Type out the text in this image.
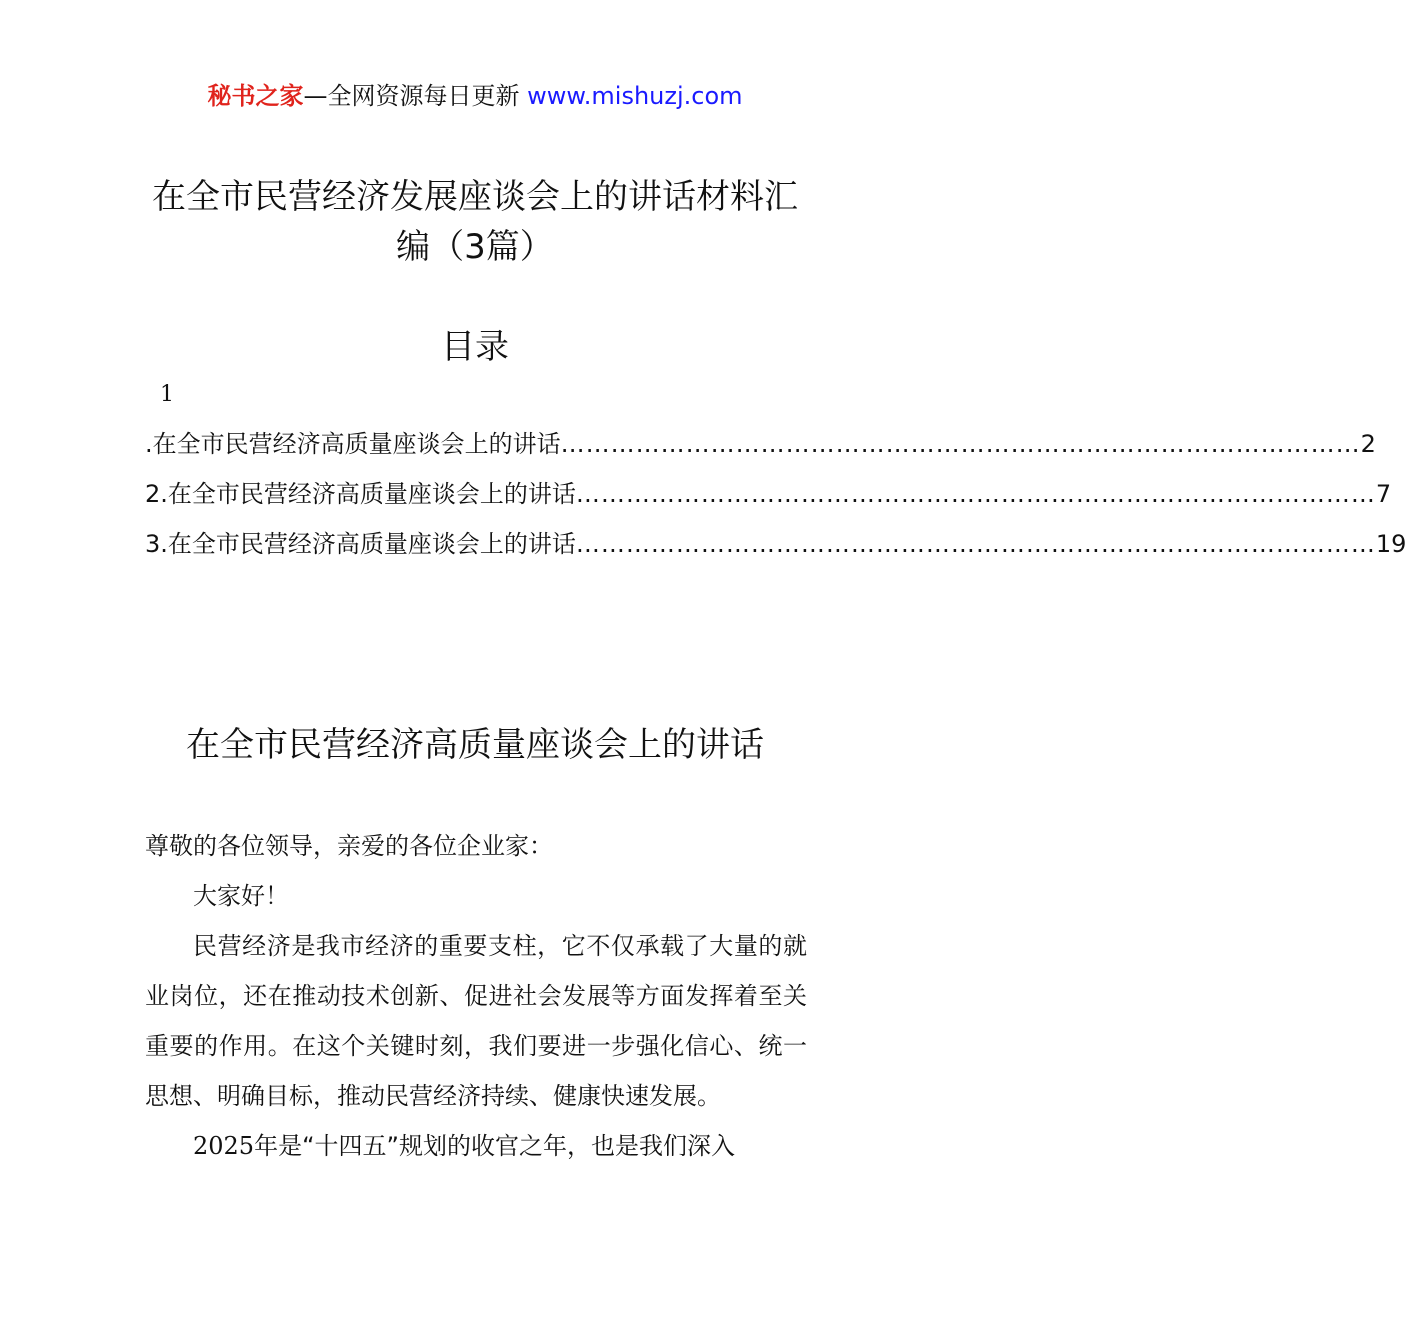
秘书之家—全网资源每日更新 www.mishuzj.com
在全市民营经济发展座谈会上的讲话材料汇编（3篇）
目录
1
.在全市民营经济高质量座谈会上的讲话 …………………………………………………………………………………… 2
2.在全市民营经济高质量座谈会上的讲话 …………………………………………………………………………………… 7
3.在全市民营经济高质量座谈会上的讲话 …………………………………………………………………………………… 19
在全市民营经济高质量座谈会上的讲话

尊敬的各位领导，亲爱的各位企业家：

大家好！

民营经济是我市经济的重要支柱，它不仅承载了大量的就业岗位，还在推动技术创新、促进社会发展等方面发挥着至关重要的作用。在这个关键时刻，我们要进一步强化信心、统一思想、明确目标，推动民营经济持续、健康快速发展。

2025年是“十四五”规划的收官之年，也是我们深入
